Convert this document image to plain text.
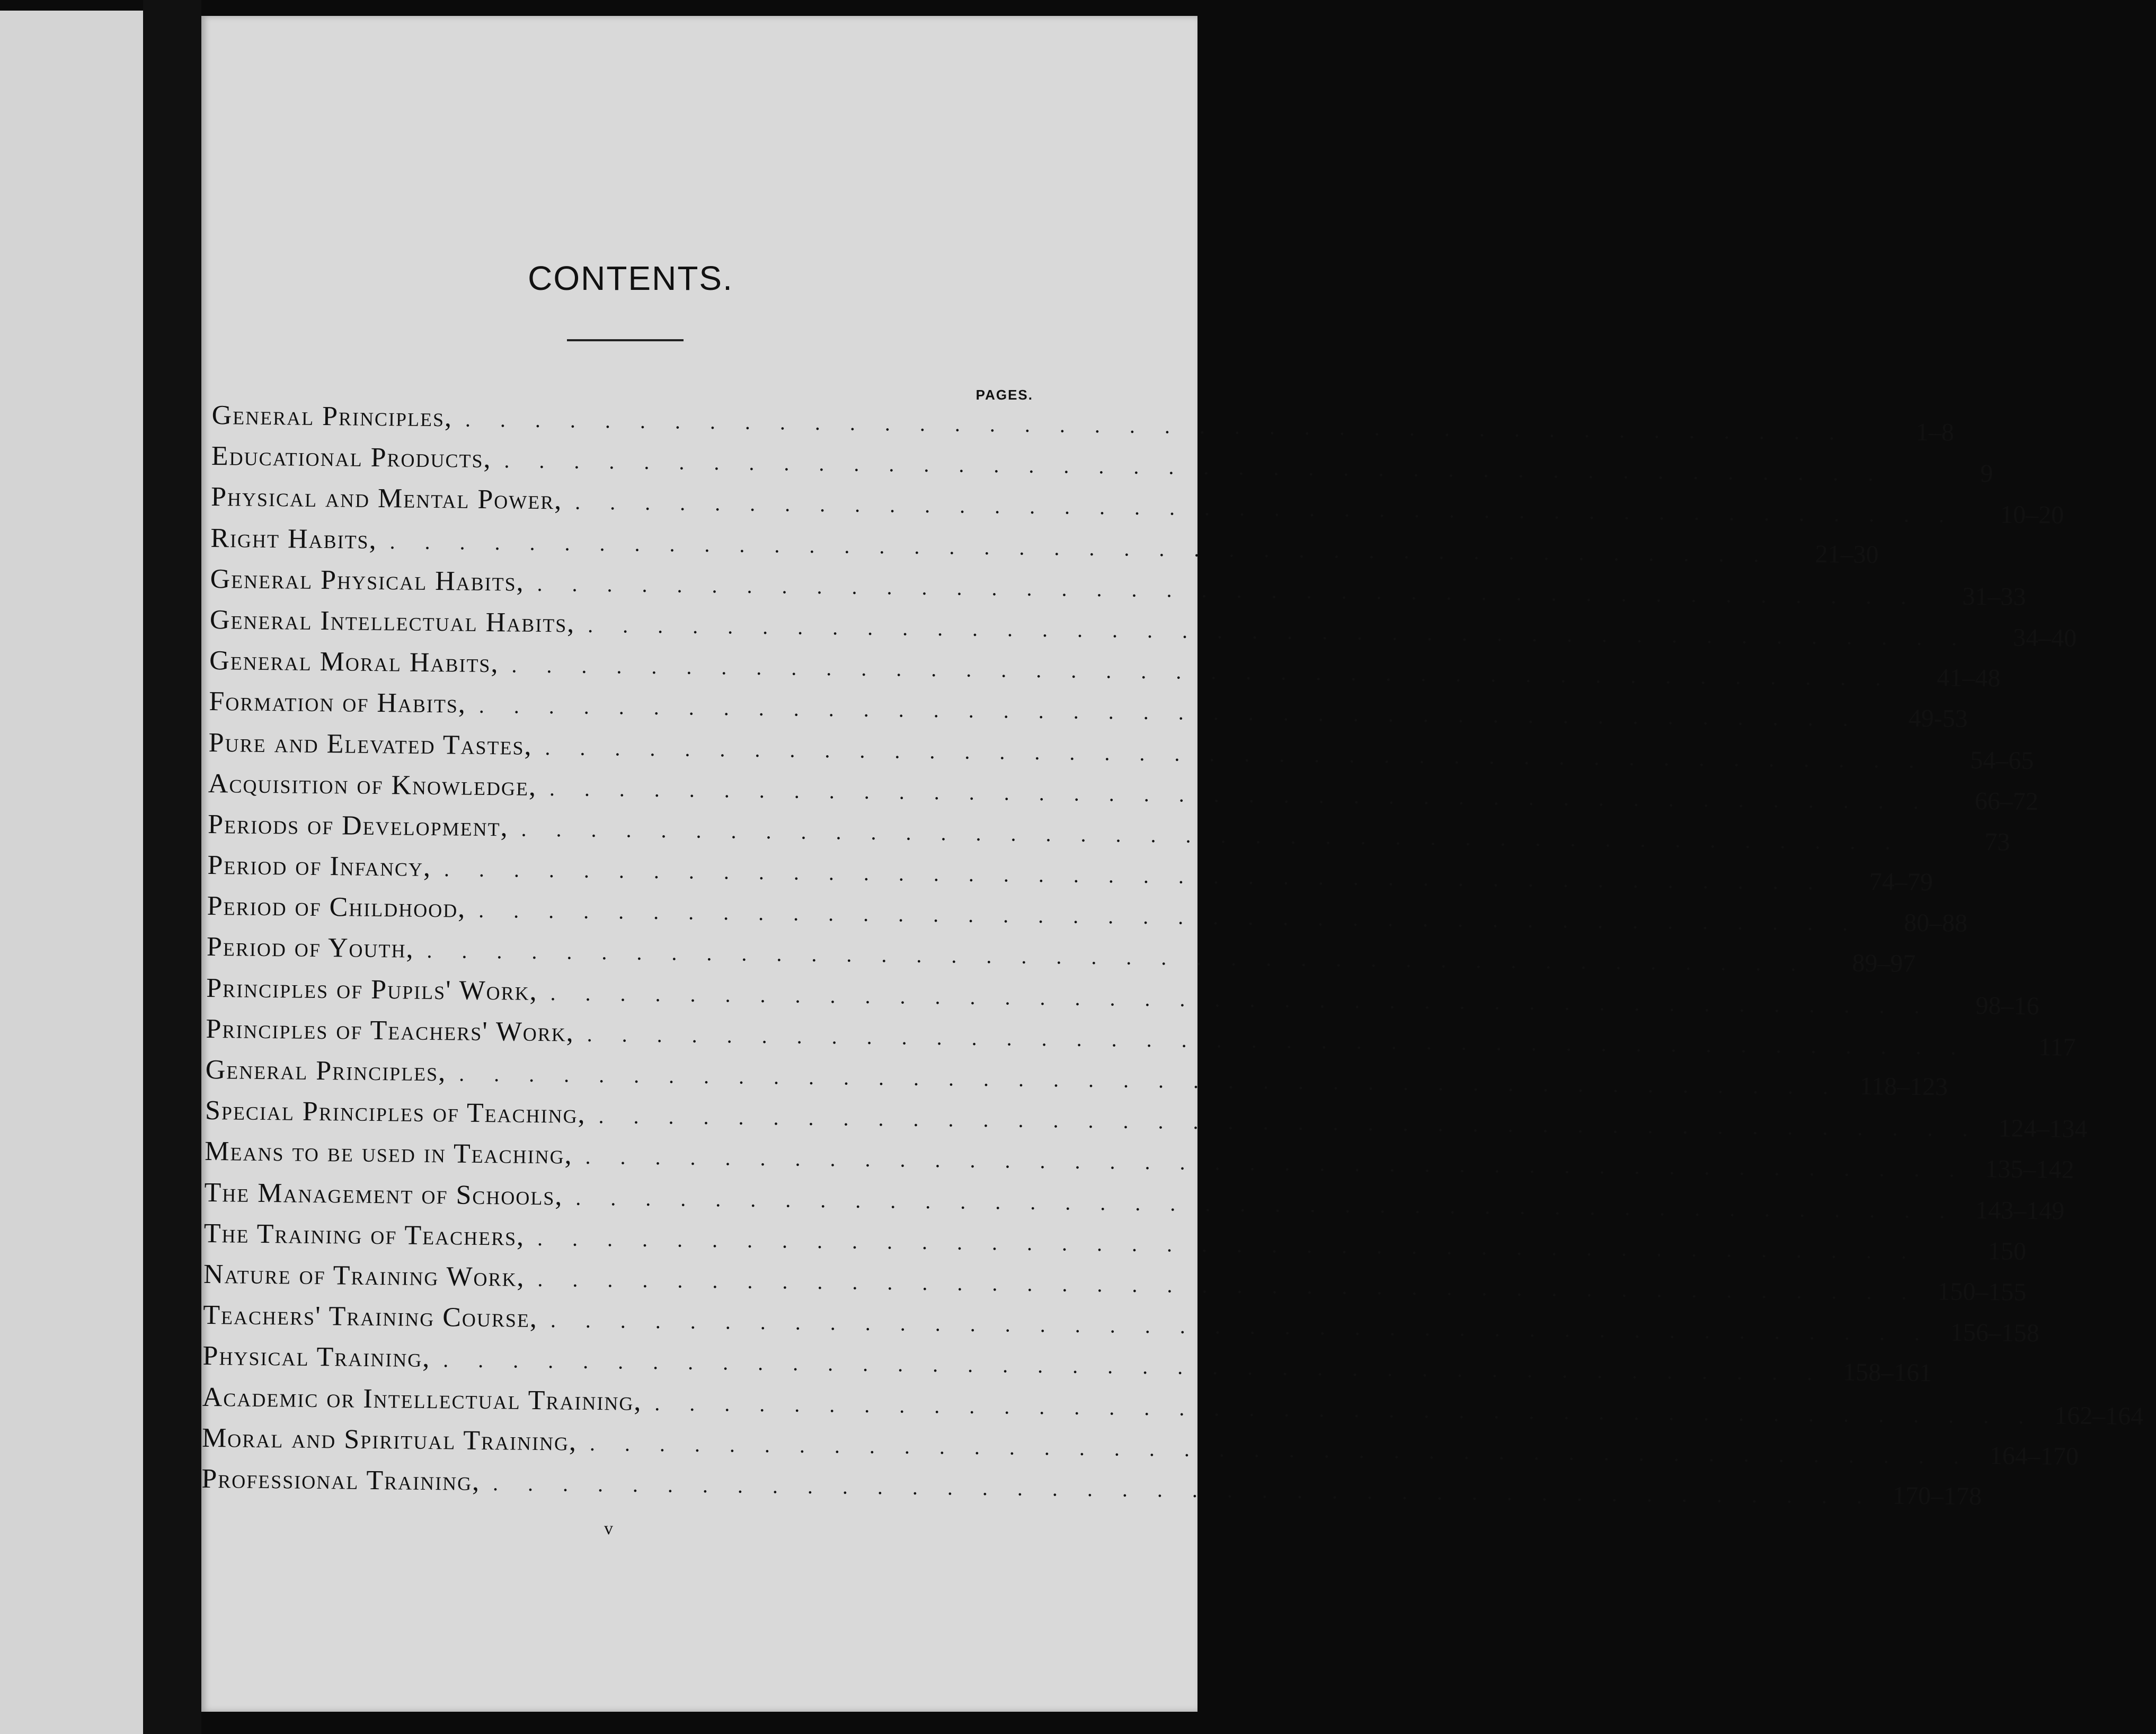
CONTENTS.
PAGES.
General Principles, ........................................	1–8
Educational Products, ........................................	9
Physical and Mental Power, ........................................	10–20
Right Habits, ........................................	21–30
General Physical Habits, ........................................	31–33
General Intellectual Habits, ........................................	34–40
General Moral Habits, ........................................	41–48
Formation of Habits, ........................................	49-53
Pure and Elevated Tastes, ........................................	54–65
Acquisition of Knowledge, ........................................	66–72
Periods of Development, ........................................	73
Period of Infancy, ........................................	74–79
Period of Childhood, ........................................	80–88
Period of Youth, ........................................	89–97
Principles of Pupils' Work, ........................................	98–16
Principles of Teachers' Work, ........................................	117
General Principles, ........................................ 118–123
Special Principles of Teaching, ........................................ 124–134
Means to be used in Teaching, ........................................ 135–142
The Management of Schools, ........................................ 143–149
The Training of Teachers, ........................................	150
Nature of Training Work, ........................................ 150–155
Teachers' Training Course, ........................................ 156–158
Physical Training, ........................................ 158–161
Academic or Intellectual Training, ........................................ 162–164
Moral and Spiritual Training, ........................................ 164–170
Professional Training, ........................................ 170–178
v
